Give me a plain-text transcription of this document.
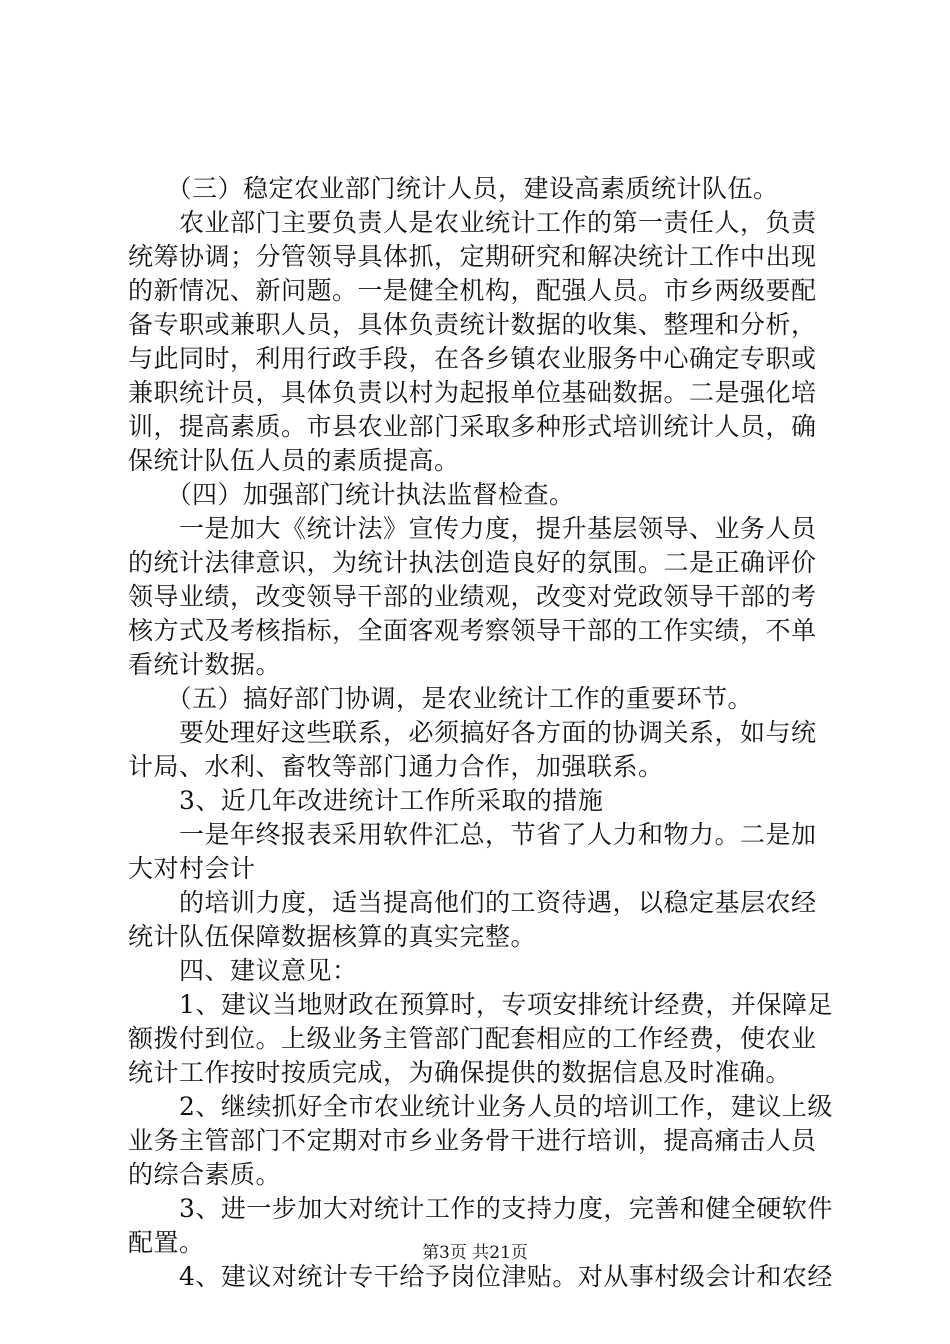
　　（三）稳定农业部门统计人员，建设高素质统计队伍。
　　农业部门主要负责人是农业统计工作的第一责任人，负责
统筹协调；分管领导具体抓，定期研究和解决统计工作中出现
的新情况、新问题。一是健全机构，配强人员。市乡两级要配
备专职或兼职人员，具体负责统计数据的收集、整理和分析，
与此同时，利用行政手段，在各乡镇农业服务中心确定专职或
兼职统计员，具体负责以村为起报单位基础数据。二是强化培
训，提高素质。市县农业部门采取多种形式培训统计人员，确
保统计队伍人员的素质提高。
　　（四）加强部门统计执法监督检查。
　　一是加大《统计法》宣传力度，提升基层领导、业务人员
的统计法律意识，为统计执法创造良好的氛围。二是正确评价
领导业绩，改变领导干部的业绩观，改变对党政领导干部的考
核方式及考核指标，全面客观考察领导干部的工作实绩，不单
看统计数据。
　　（五）搞好部门协调，是农业统计工作的重要环节。
　　要处理好这些联系，必须搞好各方面的协调关系，如与统
计局、水利、畜牧等部门通力合作，加强联系。
　　3、近几年改进统计工作所采取的措施
　　一是年终报表采用软件汇总，节省了人力和物力。二是加
大对村会计
　　的培训力度，适当提高他们的工资待遇，以稳定基层农经
统计队伍保障数据核算的真实完整。
　　四、建议意见：
　　1、建议当地财政在预算时，专项安排统计经费，并保障足
额拨付到位。上级业务主管部门配套相应的工作经费，使农业
统计工作按时按质完成，为确保提供的数据信息及时准确。
　　2、继续抓好全市农业统计业务人员的培训工作，建议上级
业务主管部门不定期对市乡业务骨干进行培训，提高痛击人员
的综合素质。
　　3、进一步加大对统计工作的支持力度，完善和健全硬软件
配置。	第3页 共21页
　　4、建议对统计专干给予岗位津贴。对从事村级会计和农经
